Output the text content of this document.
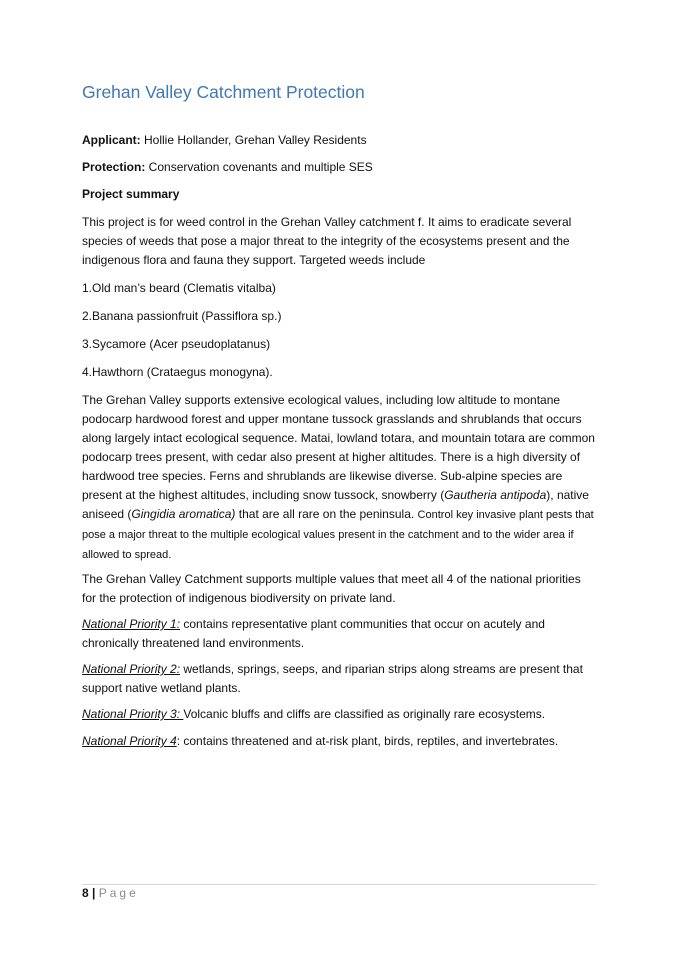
Grehan Valley Catchment Protection

Applicant: Hollie Hollander, Grehan Valley Residents

Protection: Conservation covenants and multiple SES

Project summary

This project is for weed control in the Grehan Valley catchment f. It aims to eradicate several species of weeds that pose a major threat to the integrity of the ecosystems present and the indigenous flora and fauna they support. Targeted weeds include

1.Old man’s beard (Clematis vitalba)

2.Banana passionfruit (Passiflora sp.)

3.Sycamore (Acer pseudoplatanus)

4.Hawthorn (Crataegus monogyna).

The Grehan Valley supports extensive ecological values, including low altitude to montane podocarp hardwood forest and upper montane tussock grasslands and shrublands that occurs along largely intact ecological sequence. Matai, lowland totara, and mountain totara are common podocarp trees present, with cedar also present at higher altitudes. There is a high diversity of hardwood tree species. Ferns and shrublands are likewise diverse. Sub-alpine species are present at the highest altitudes, including snow tussock, snowberry (Gautheria antipoda), native aniseed (Gingidia aromatica) that are all rare on the peninsula. Control key invasive plant pests that pose a major threat to the multiple ecological values present in the catchment and to the wider area if allowed to spread.

The Grehan Valley Catchment supports multiple values that meet all 4 of the national priorities for the protection of indigenous biodiversity on private land.

National Priority 1: contains representative plant communities that occur on acutely and chronically threatened land environments.

National Priority 2: wetlands, springs, seeps, and riparian strips along streams are present that support native wetland plants.

National Priority 3: Volcanic bluffs and cliffs are classified as originally rare ecosystems.

National Priority 4: contains threatened and at-risk plant, birds, reptiles, and invertebrates.

8 | Page
